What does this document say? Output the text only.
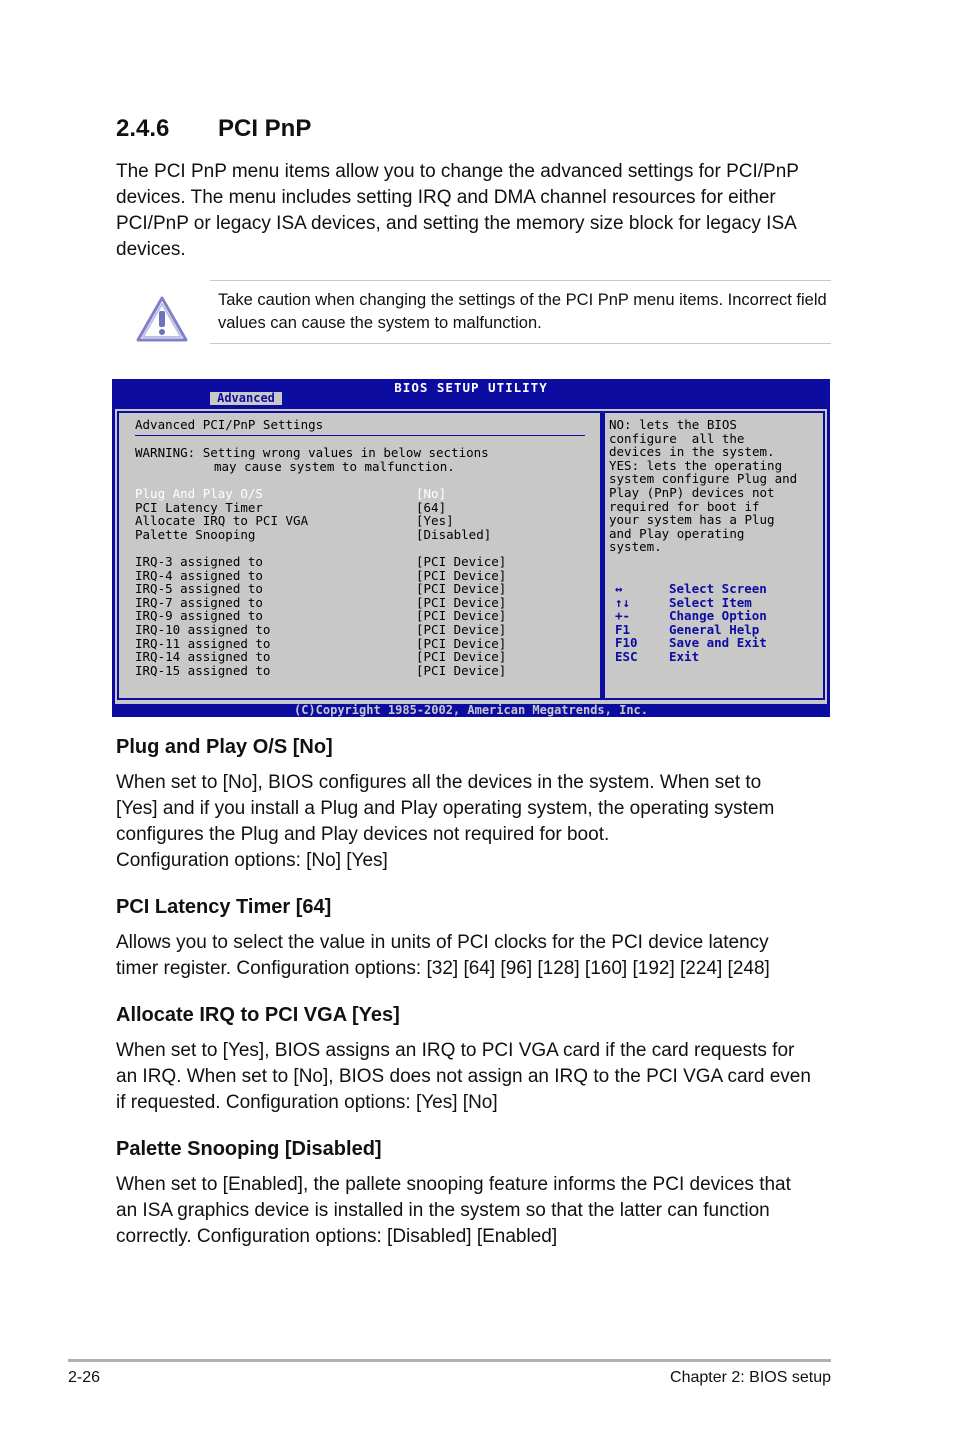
2.4.6 PCI PnP
The PCI PnP menu items allow you to change the advanced settings for PCI/PnP devices. The menu includes setting IRQ and DMA channel resources for either PCI/PnP or legacy ISA devices, and setting the memory size block for legacy ISA devices.
Take caution when changing the settings of the PCI PnP menu items. Incorrect field values can cause the system to malfunction.
BIOS SETUP UTILITY
Advanced
Advanced PCI/PnP Settings
WARNING: Setting wrong values in below sections
may cause system to malfunction.
Plug And Play O/S	[No]
PCI Latency Timer	[64]
Allocate IRQ to PCI VGA	[Yes]
Palette Snooping	[Disabled]
IRQ-3 assigned to	[PCI Device]
IRQ-4 assigned to	[PCI Device]
IRQ-5 assigned to	[PCI Device]
IRQ-7 assigned to	[PCI Device]
IRQ-9 assigned to	[PCI Device]
IRQ-10 assigned to	[PCI Device]
IRQ-11 assigned to	[PCI Device]
IRQ-14 assigned to	[PCI Device]
IRQ-15 assigned to	[PCI Device]
NO: lets the BIOS
configure  all the
devices in the system.
YES: lets the operating
system configure Plug and
Play (PnP) devices not
required for boot if
your system has a Plug
and Play operating
system.
↔	Select Screen
↑↓	Select Item
+-	Change Option
F1	General Help
F10	Save and Exit
ESC	Exit
(C)Copyright 1985-2002, American Megatrends, Inc.
Plug and Play O/S [No]
When set to [No], BIOS configures all the devices in the system. When set to
[Yes] and if you install a Plug and Play operating system, the operating system
configures the Plug and Play devices not required for boot.
Configuration options: [No] [Yes]
PCI Latency Timer [64]
Allows you to select the value in units of PCI clocks for the PCI device latency
timer register. Configuration options: [32] [64] [96] [128] [160] [192] [224] [248]
Allocate IRQ to PCI VGA [Yes]
When set to [Yes], BIOS assigns an IRQ to PCI VGA card if the card requests for
an IRQ. When set to [No], BIOS does not assign an IRQ to the PCI VGA card even
if requested. Configuration options: [Yes] [No]
Palette Snooping [Disabled]
When set to [Enabled], the pallete snooping feature informs the PCI devices that
an ISA graphics device is installed in the system so that the latter can function
correctly. Configuration options: [Disabled] [Enabled]
2-26	Chapter 2: BIOS setup
